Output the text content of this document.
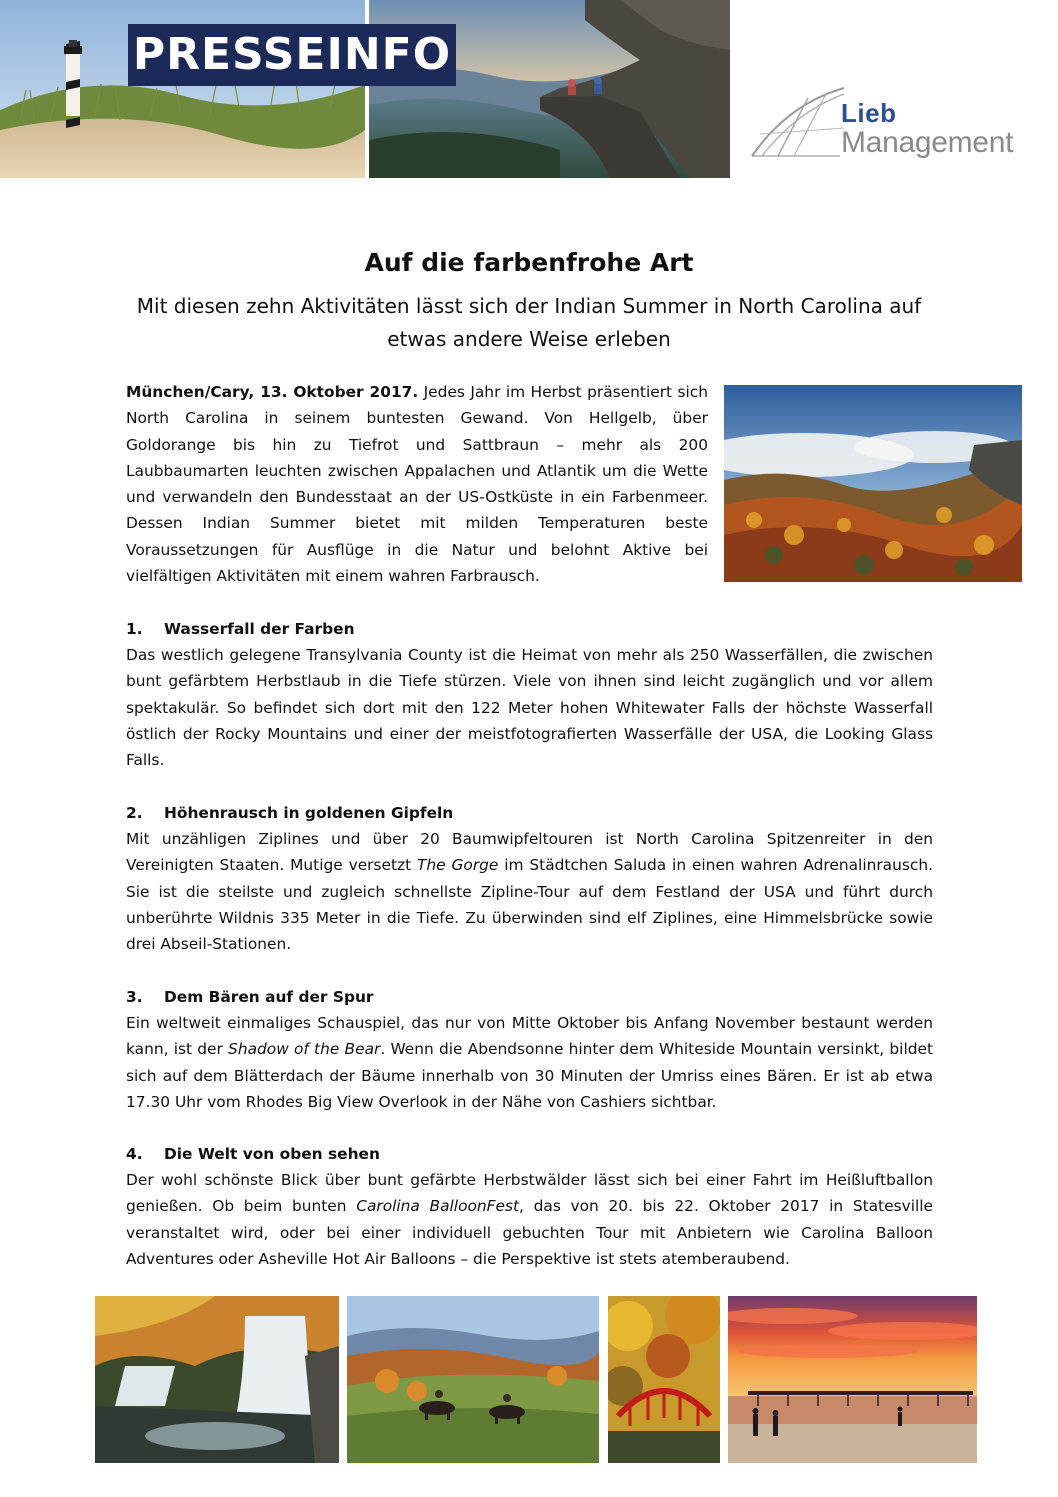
PRESSEINFO
Lieb
Management
Auf die farbenfrohe Art
Mit diesen zehn Aktivitäten lässt sich der Indian Summer in North Carolina auf etwas andere Weise erleben
München/Cary, 13. Oktober 2017. Jedes Jahr im Herbst präsentiert sich North Carolina in seinem buntesten Gewand. Von Hellgelb, über Goldorange bis hin zu Tiefrot und Sattbraun – mehr als 200 Laubbaumarten leuchten zwischen Appalachen und Atlantik um die Wette und verwandeln den Bundesstaat an der US-Ostküste in ein Farbenmeer. Dessen Indian Summer bietet mit milden Temperaturen beste Voraussetzungen für Ausflüge in die Natur und belohnt Aktive bei vielfältigen Aktivitäten mit einem wahren Farbrausch.
1.	Wasserfall der Farben
Das westlich gelegene Transylvania County ist die Heimat von mehr als 250 Wasserfällen, die zwischen bunt gefärbtem Herbstlaub in die Tiefe stürzen. Viele von ihnen sind leicht zugänglich und vor allem spektakulär. So befindet sich dort mit den 122 Meter hohen Whitewater Falls der höchste Wasserfall östlich der Rocky Mountains und einer der meistfotografierten Wasserfälle der USA, die Looking Glass Falls.
2.	Höhenrausch in goldenen Gipfeln
Mit unzähligen Ziplines und über 20 Baumwipfeltouren ist North Carolina Spitzenreiter in den Vereinigten Staaten. Mutige versetzt The Gorge im Städtchen Saluda in einen wahren Adrenalinrausch. Sie ist die steilste und zugleich schnellste Zipline-Tour auf dem Festland der USA und führt durch unberührte Wildnis 335 Meter in die Tiefe. Zu überwinden sind elf Ziplines, eine Himmelsbrücke sowie drei Abseil-Stationen.
3.	Dem Bären auf der Spur
Ein weltweit einmaliges Schauspiel, das nur von Mitte Oktober bis Anfang November bestaunt werden kann, ist der Shadow of the Bear. Wenn die Abendsonne hinter dem Whiteside Mountain versinkt, bildet sich auf dem Blätterdach der Bäume innerhalb von 30 Minuten der Umriss eines Bären. Er ist ab etwa 17.30 Uhr vom Rhodes Big View Overlook in der Nähe von Cashiers sichtbar.
4.	Die Welt von oben sehen
Der wohl schönste Blick über bunt gefärbte Herbstwälder lässt sich bei einer Fahrt im Heißluftballon genießen. Ob beim bunten Carolina BalloonFest, das von 20. bis 22. Oktober 2017 in Statesville veranstaltet wird, oder bei einer individuell gebuchten Tour mit Anbietern wie Carolina Balloon Adventures oder Asheville Hot Air Balloons – die Perspektive ist stets atemberaubend.
